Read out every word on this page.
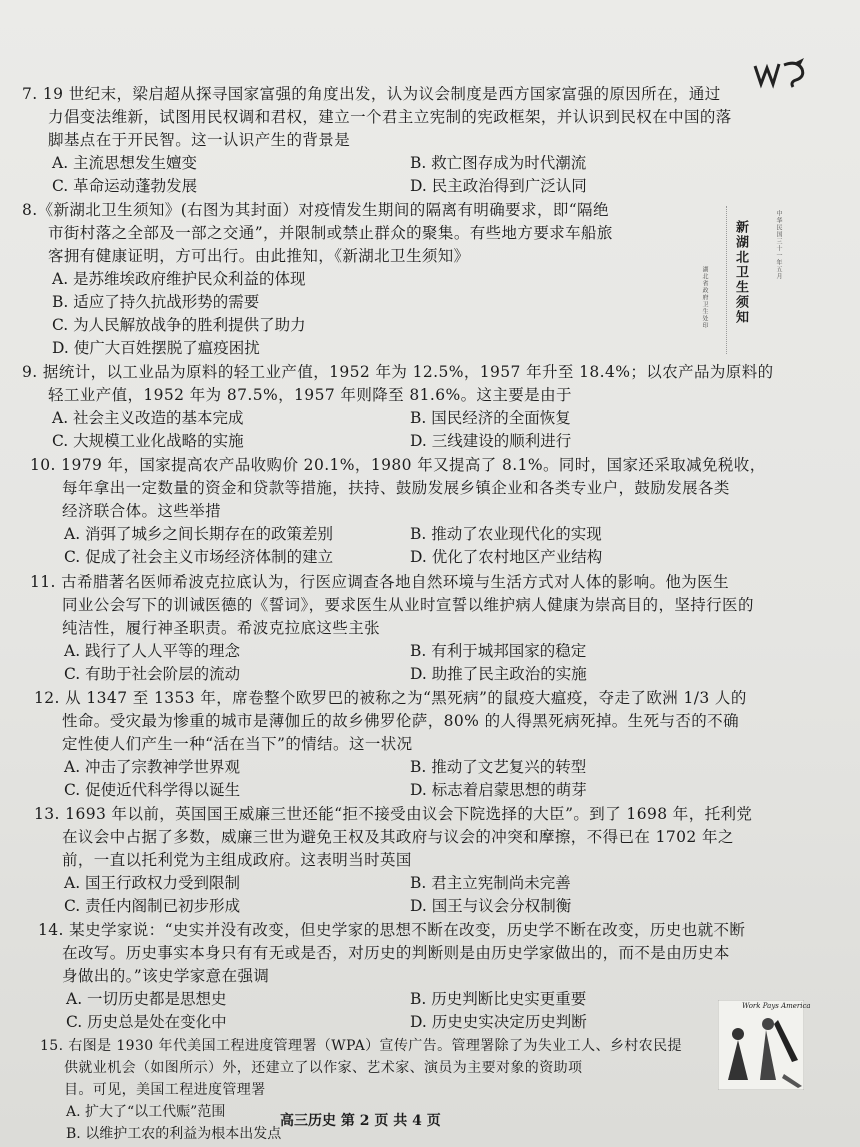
7. 19 世纪末，梁启超从探寻国家富强的角度出发，认为议会制度是西方国家富强的原因所在，通过
力倡变法维新，试图用民权调和君权，建立一个君主立宪制的宪政框架，并认识到民权在中国的落
脚基点在于开民智。这一认识产生的背景是
A. 主流思想发生嬗变	B. 救亡图存成为时代潮流
C. 革命运动蓬勃发展	D. 民主政治得到广泛认同
8.《新湖北卫生须知》(右图为其封面）对疫情发生期间的隔离有明确要求，即“隔绝
市街村落之全部及一部之交通”，并限制或禁止群众的聚集。有些地方要求车船旅
客拥有健康证明，方可出行。由此推知，《新湖北卫生须知》
A. 是苏维埃政府维护民众利益的体现
B. 适应了持久抗战形势的需要
C. 为人民解放战争的胜利提供了助力
D. 使广大百姓摆脱了瘟疫困扰
新湖北卫生须知	中华民国三十一年五月
湖北省政府卫生处印
9. 据统计，以工业品为原料的轻工业产值，1952 年为 12.5%，1957 年升至 18.4%；以农产品为原料的
轻工业产值，1952 年为 87.5%，1957 年则降至 81.6%。这主要是由于
A. 社会主义改造的基本完成	B. 国民经济的全面恢复
C. 大规模工业化战略的实施	D. 三线建设的顺利进行
10. 1979 年，国家提高农产品收购价 20.1%，1980 年又提高了 8.1%。同时，国家还采取减免税收，
每年拿出一定数量的资金和贷款等措施，扶持、鼓励发展乡镇企业和各类专业户，鼓励发展各类
经济联合体。这些举措
A. 消弭了城乡之间长期存在的政策差别	B. 推动了农业现代化的实现
C. 促成了社会主义市场经济体制的建立	D. 优化了农村地区产业结构
11. 古希腊著名医师希波克拉底认为，行医应调查各地自然环境与生活方式对人体的影响。他为医生
同业公会写下的训诫医德的《誓词》，要求医生从业时宣誓以维护病人健康为崇高目的，坚持行医的
纯洁性，履行神圣职责。希波克拉底这些主张
A. 践行了人人平等的理念	B. 有利于城邦国家的稳定
C. 有助于社会阶层的流动	D. 助推了民主政治的实施
12. 从 1347 至 1353 年，席卷整个欧罗巴的被称之为“黑死病”的鼠疫大瘟疫，夺走了欧洲 1/3 人的
性命。受灾最为惨重的城市是薄伽丘的故乡佛罗伦萨，80% 的人得黑死病死掉。生死与否的不确
定性使人们产生一种“活在当下”的情结。这一状况
A. 冲击了宗教神学世界观	B. 推动了文艺复兴的转型
C. 促使近代科学得以诞生	D. 标志着启蒙思想的萌芽
13. 1693 年以前，英国国王威廉三世还能“拒不接受由议会下院选择的大臣”。到了 1698 年，托利党
在议会中占据了多数，威廉三世为避免王权及其政府与议会的冲突和摩擦，不得已在 1702 年之
前，一直以托利党为主组成政府。这表明当时英国
A. 国王行政权力受到限制	B. 君主立宪制尚未完善
C. 责任内阁制已初步形成	D. 国王与议会分权制衡
14. 某史学家说：“史实并没有改变，但史学家的思想不断在改变，历史学不断在改变，历史也就不断
在改写。历史事实本身只有有无或是否，对历史的判断则是由历史学家做出的，而不是由历史本
身做出的。”该史学家意在强调
A. 一切历史都是思想史	B. 历史判断比史实更重要
C. 历史总是处在变化中	D. 历史史实决定历史判断
15. 右图是 1930 年代美国工程进度管理署（WPA）宣传广告。管理署除了为失业工人、乡村农民提
供就业机会（如图所示）外，还建立了以作家、艺术家、演员为主要对象的资助项
目。可见，美国工程进度管理署
A. 扩大了“以工代赈”范围
B. 以维护工农的利益为根本出发点
Work Pays America
高三历史 第 2 页 共 4 页
